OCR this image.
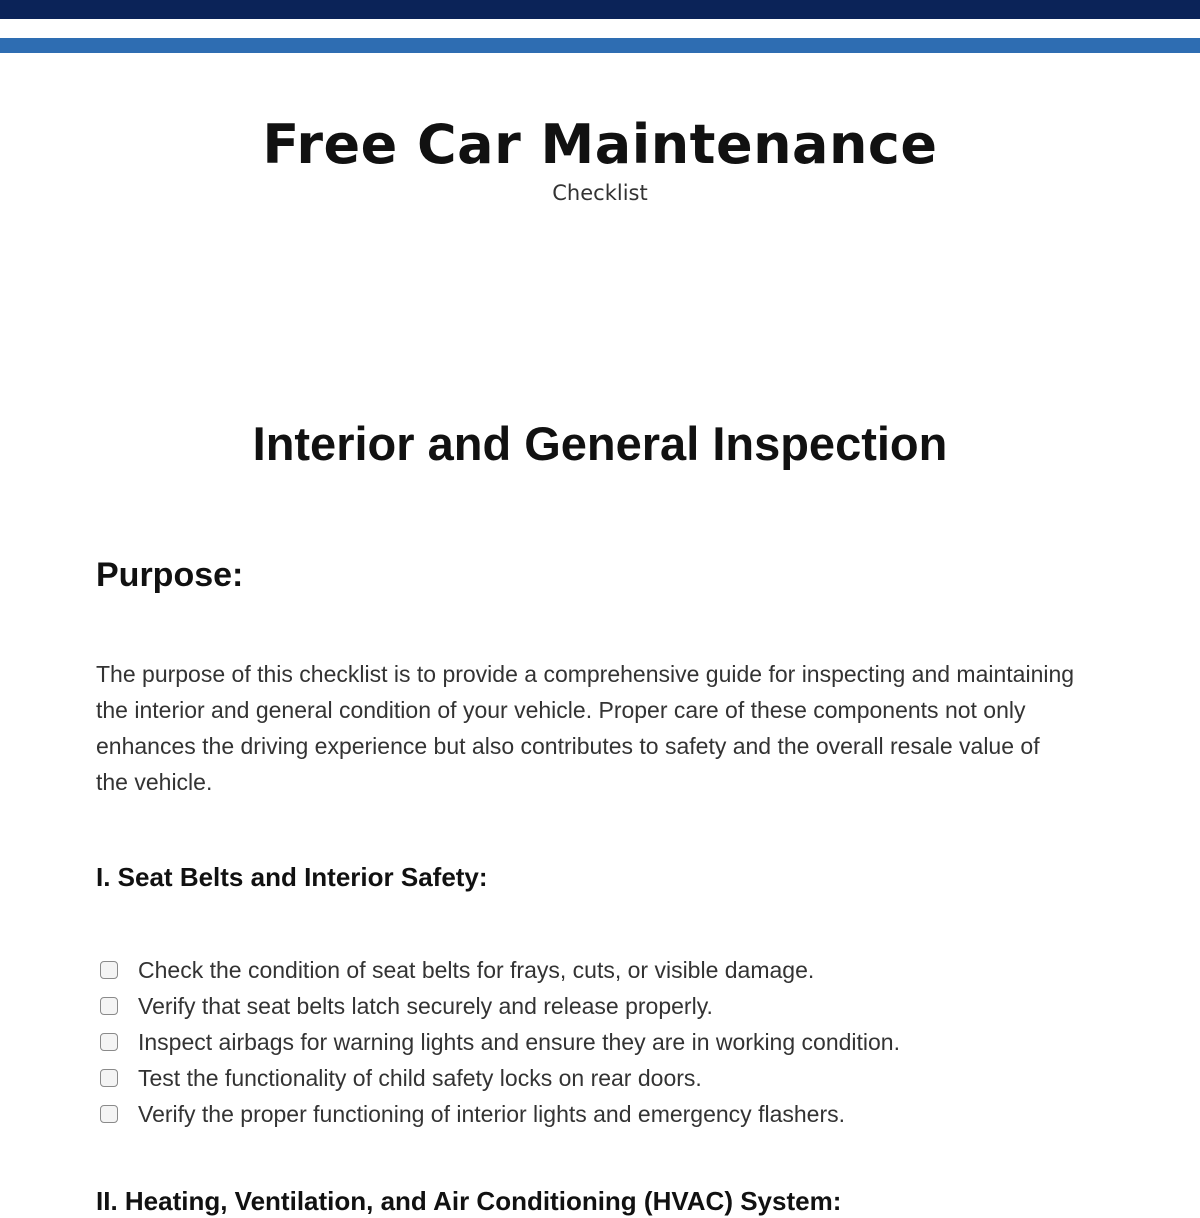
Free Car Maintenance
Checklist
Interior and General Inspection
Purpose:

The purpose of this checklist is to provide a comprehensive guide for inspecting and maintaining the interior and general condition of your vehicle. Proper care of these components not only enhances the driving experience but also contributes to safety and the overall resale value of the vehicle.

I. Seat Belts and Interior Safety:
Check the condition of seat belts for frays, cuts, or visible damage.
Verify that seat belts latch securely and release properly.
Inspect airbags for warning lights and ensure they are in working condition.
Test the functionality of child safety locks on rear doors.
Verify the proper functioning of interior lights and emergency flashers.
II. Heating, Ventilation, and Air Conditioning (HVAC) System:
